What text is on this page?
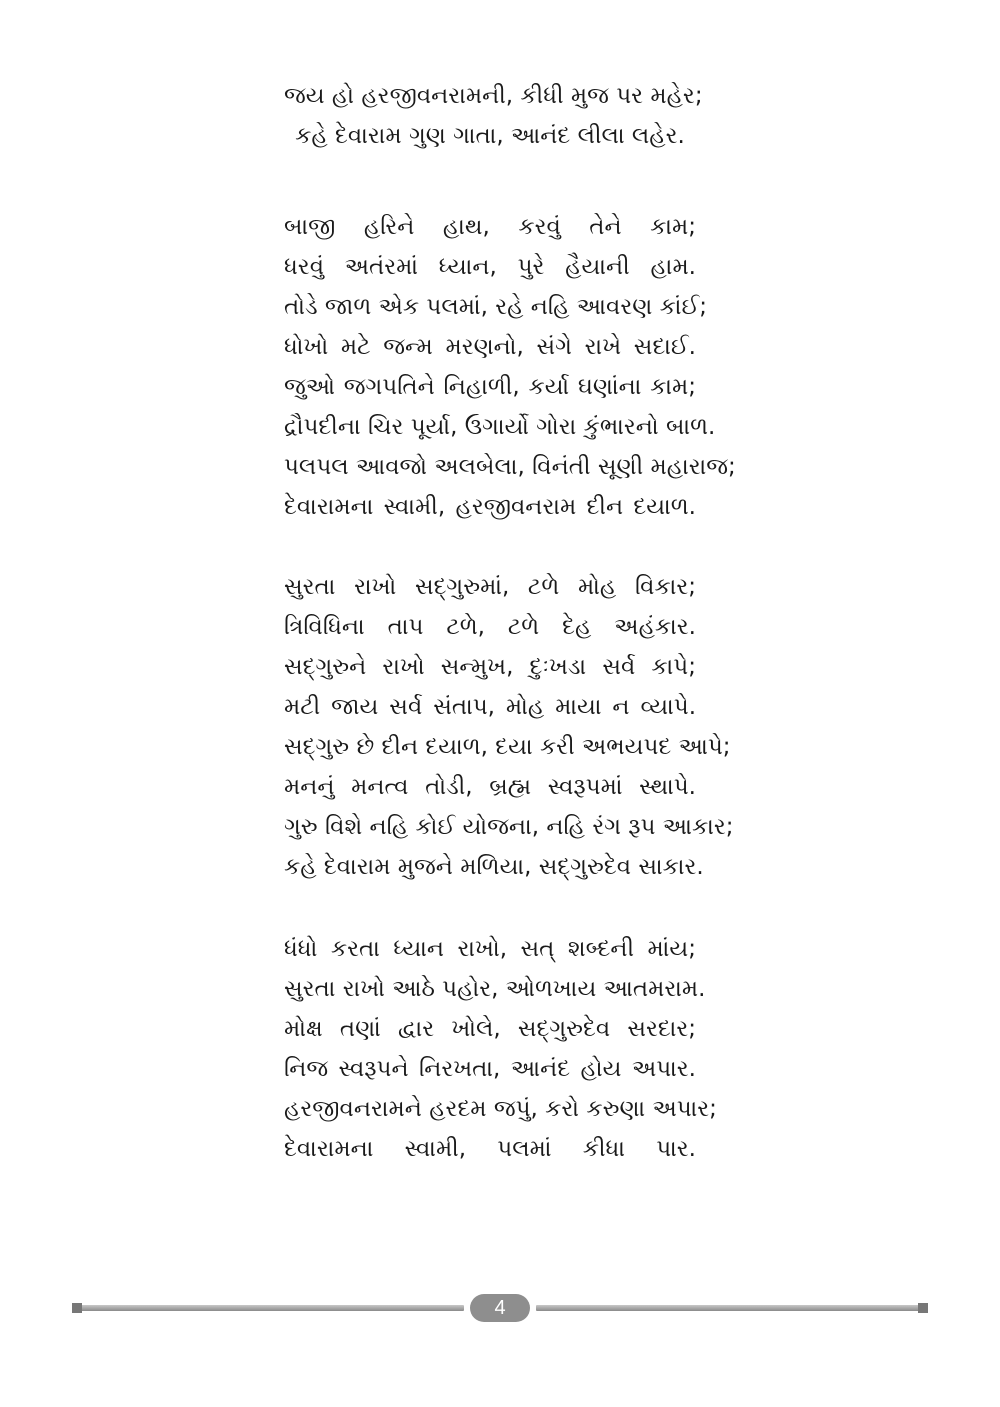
જય હો હરજીવનરામની, કીધી મુજ પર મહેર;
કહે દેવારામ ગુણ ગાતા, આનંદ લીલા લહેર.
બાજી હરિને હાથ, કરવું તેને કામ;
ધરવું અતંરમાં ધ્યાન, પુરે હૈયાની હામ.
તોડે જાળ એક પલમાં, રહે નહિ આવરણ કાંઈ;
ધોખો મટે જન્મ મરણનો, સંગે રાખે સદાઈ.
જુઓ જગપતિને નિહાળી, કર્યા ઘણાંના કામ;
દ્રૌપદીના ચિર પૂર્યા, ઉગાર્યો ગોરા કુંભારનો બાળ.
પલપલ આવજો અલબેલા, વિનંતી સૂણી મહારાજ;
દેવારામના સ્વામી, હરજીવનરામ દીન દયાળ.
સુરતા રાખો સદ્‌ગુરુમાં, ટળે મોહ વિકાર;
ત્રિવિધિના તાપ ટળે, ટળે દેહ અહંકાર.
સદ્‌ગુરુને રાખો સન્મુખ, દુઃખડા સર્વ કાપે;
મટી જાય સર્વ સંતાપ, મોહ માયા ન વ્યાપે.
સદ્‌ગુરુ છે દીન દયાળ, દયા કરી અભયપદ આપે;
મનનું મનત્વ તોડી, બ્રહ્મ સ્વરૂપમાં સ્થાપે.
ગુરુ વિશે નહિ કોઈ યોજના, નહિ રંગ રૂપ આકાર;
કહે દેવારામ મુજને મળિયા, સદ્‌ગુરુદેવ સાકાર.
ધંધો કરતા ધ્યાન રાખો, સત્‌ શબ્દની માંય;
સુરતા રાખો આઠે પહોર, ઓળખાય આતમરામ.
મોક્ષ તણાં દ્વાર ખોલે, સદ્‌ગુરુદેવ સરદાર;
નિજ સ્વરૂપને નિરખતા, આનંદ હોય અપાર.
હરજીવનરામને હરદમ જપું, કરો કરુણા અપાર;
દેવારામના સ્વામી, પલમાં કીધા પાર.
4
